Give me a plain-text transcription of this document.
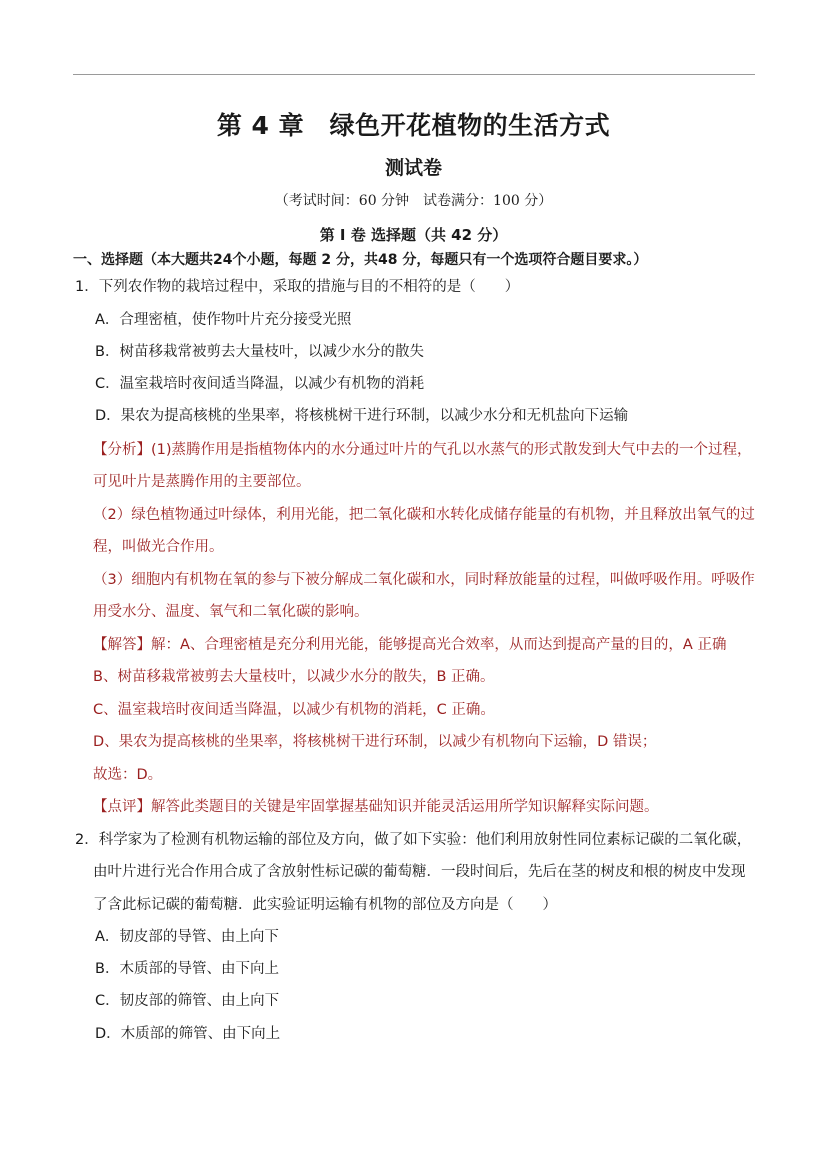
第 4 章　绿色开花植物的生活方式
测试卷
（考试时间：60 分钟　试卷满分：100 分）
第 I 卷 选择题（共 42 分）
一、选择题（本大题共24个小题，每题 2 分，共48 分，每题只有一个选项符合题目要求。）
1．下列农作物的栽培过程中，采取的措施与目的不相符的是（　　）
A．合理密植，使作物叶片充分接受光照
B．树苗移栽常被剪去大量枝叶，以减少水分的散失
C．温室栽培时夜间适当降温，以减少有机物的消耗
D．果农为提高核桃的坐果率，将核桃树干进行环制，以减少水分和无机盐向下运输
【分析】(1)蒸腾作用是指植物体内的水分通过叶片的气孔以水蒸气的形式散发到大气中去的一个过程，
可见叶片是蒸腾作用的主要部位。
（2）绿色植物通过叶绿体，利用光能，把二氧化碳和水转化成储存能量的有机物，并且释放出氧气的过
程，叫做光合作用。
（3）细胞内有机物在氧的参与下被分解成二氧化碳和水，同时释放能量的过程，叫做呼吸作用。呼吸作
用受水分、温度、氧气和二氧化碳的影响。
【解答】解：A、合理密植是充分利用光能，能够提高光合效率，从而达到提高产量的目的，A 正确
B、树苗移栽常被剪去大量枝叶，以减少水分的散失，B 正确。
C、温室栽培时夜间适当降温，以减少有机物的消耗，C 正确。
D、果农为提高核桃的坐果率，将核桃树干进行环制，以减少有机物向下运输，D 错误；
故选：D。
【点评】解答此类题目的关键是牢固掌握基础知识并能灵活运用所学知识解释实际问题。
2．科学家为了检测有机物运输的部位及方向，做了如下实验：他们利用放射性同位素标记碳的二氧化碳，
由叶片进行光合作用合成了含放射性标记碳的葡萄糖．一段时间后，先后在茎的树皮和根的树皮中发现
了含此标记碳的葡萄糖．此实验证明运输有机物的部位及方向是（　　）
A．韧皮部的导管、由上向下
B．木质部的导管、由下向上
C．韧皮部的筛管、由上向下
D．木质部的筛管、由下向上
